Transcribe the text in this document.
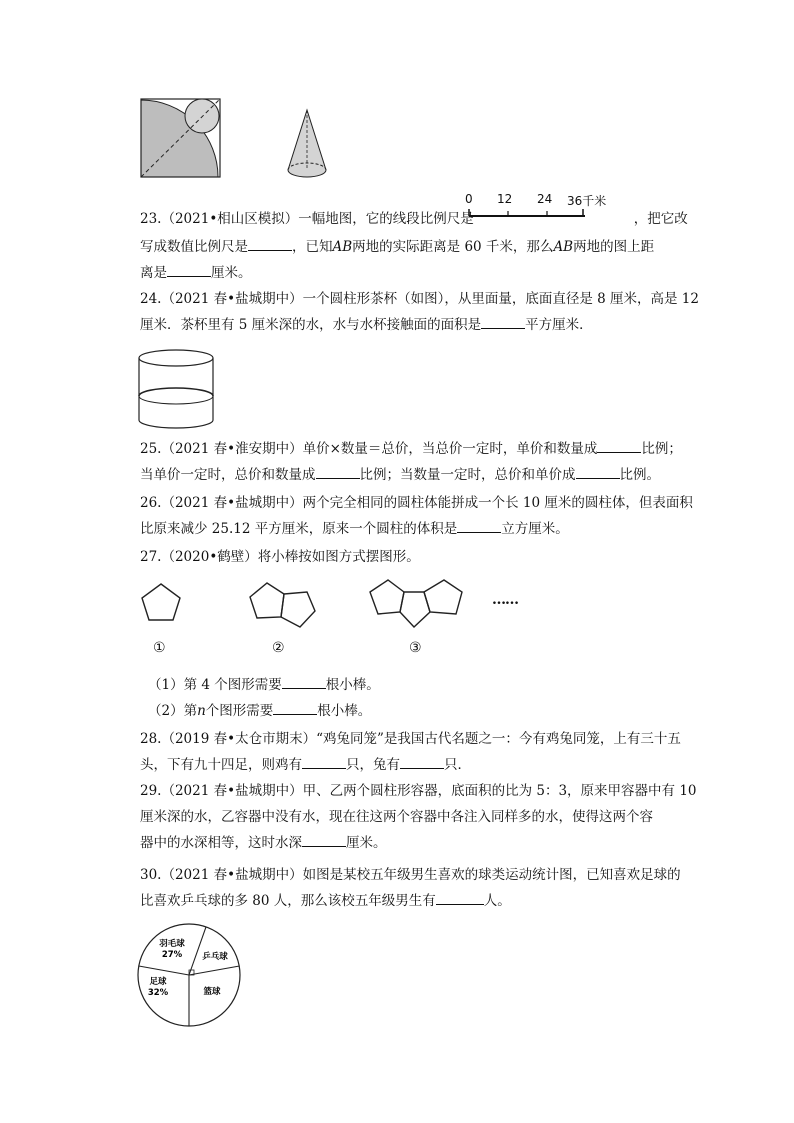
23.（2021•相山区模拟）一幅地图，它的线段比例尺是	，把它改
0 12 24 36千米
写成数值比例尺是	，已知AB两地的实际距离是 60 千米，那么AB两地的图上距
离是	厘米。
24.（2021 春•盐城期中）一个圆柱形茶杯（如图），从里面量，底面直径是 8 厘米，高是 12
厘米．茶杯里有 5 厘米深的水，水与水杯接触面的面积是	平方厘米．
25.（2021 春•淮安期中）单价×数量＝总价，当总价一定时，单价和数量成	比例；
当单价一定时，总价和数量成	比例；当数量一定时，总价和单价成	比例。
26.（2021 春•盐城期中）两个完全相同的圆柱体能拼成一个长 10 厘米的圆柱体，但表面积
比原来减少 25.12 平方厘米，原来一个圆柱的体积是	立方厘米。
27.（2020•鹤壁）将小棒按如图方式摆图形。
……
①	②	③
（1）第 4 个图形需要	根小棒。
（2）第n个图形需要	根小棒。
28.（2019 春•太仓市期末）“鸡兔同笼”是我国古代名题之一：今有鸡兔同笼，上有三十五
头，下有九十四足，则鸡有	只，兔有	只．
29.（2021 春•盐城期中）甲、乙两个圆柱形容器，底面积的比为 5：3，原来甲容器中有 10
厘米深的水，乙容器中没有水，现在往这两个容器中各注入同样多的水，使得这两个容
器中的水深相等，这时水深	厘米。
30.（2021 春•盐城期中）如图是某校五年级男生喜欢的球类运动统计图，已知喜欢足球的
比喜欢乒乓球的多 80 人，那么该校五年级男生有	人。
羽毛球
27% 乒乓球
篮球
足球
32%
